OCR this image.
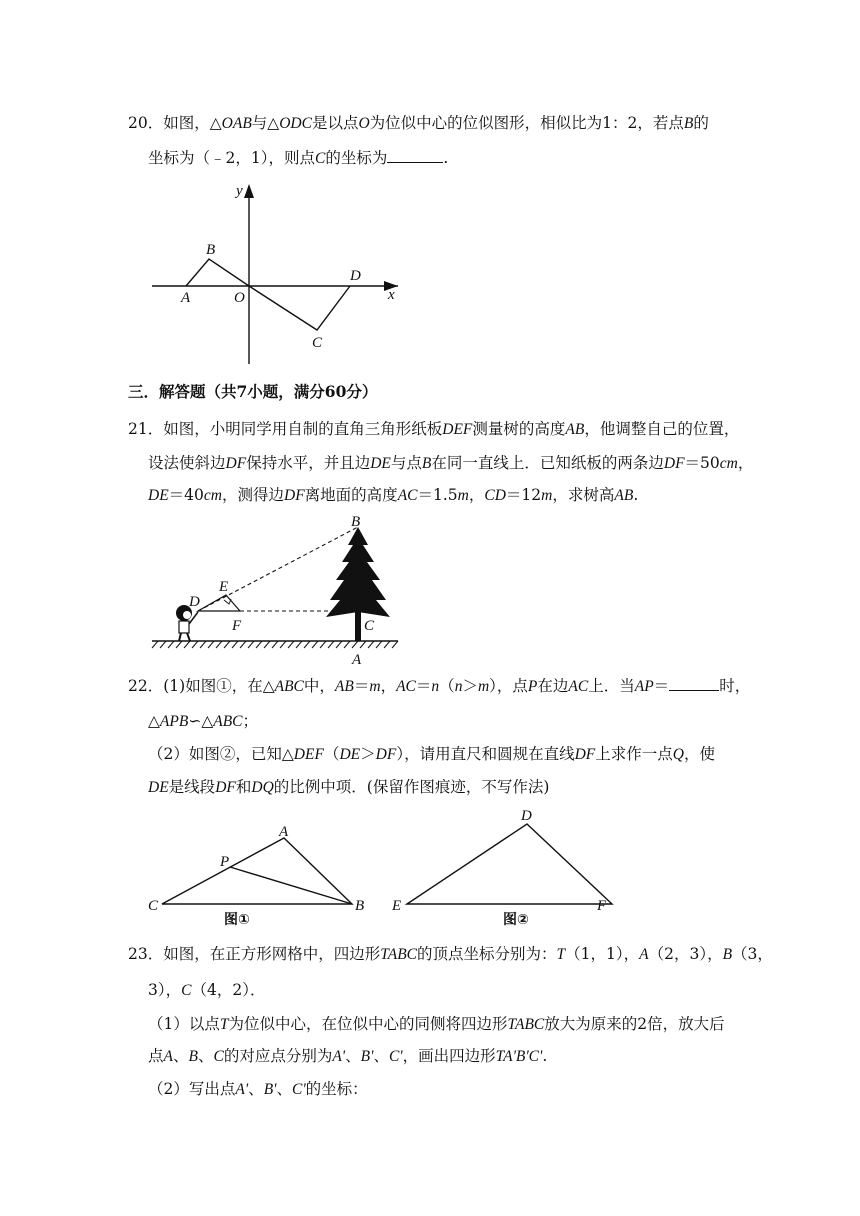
20．如图，△OAB与△ODC是以点O为位似中心的位似图形，相似比为1：2，若点B的
坐标为（﹣2，1），则点C的坐标为	.
y
x
O
A
B
C
D
三．解答题（共7小题，满分60分）
21．如图，小明同学用自制的直角三角形纸板DEF测量树的高度AB，他调整自己的位置，
设法使斜边DF保持水平，并且边DE与点B在同一直线上．已知纸板的两条边DF＝50cm，
DE＝40cm，测得边DF离地面的高度AC＝1.5m，CD＝12m，求树高AB.
B
E
D
F	C
A
22．(1)如图①，在△ABC中，AB＝m，AC＝n（n＞m），点P在边AC上．当AP＝	时，
△APB∽△ABC；
（2）如图②，已知△DEF（DE＞DF），请用直尺和圆规在直线DF上求作一点Q，使
DE是线段DF和DQ的比例中项．(保留作图痕迹，不写作法)
A
P
C	B
D
E	F
图①	图②
23．如图，在正方形网格中，四边形TABC的顶点坐标分别为：T（1，1），A（2，3），B（3，
3），C（4，2）．
（1）以点T为位似中心，在位似中心的同侧将四边形TABC放大为原来的2倍，放大后
点A、B、C的对应点分别为A'、B'、C'，画出四边形TA'B'C'.
（2）写出点A'、B'、C'的坐标：
